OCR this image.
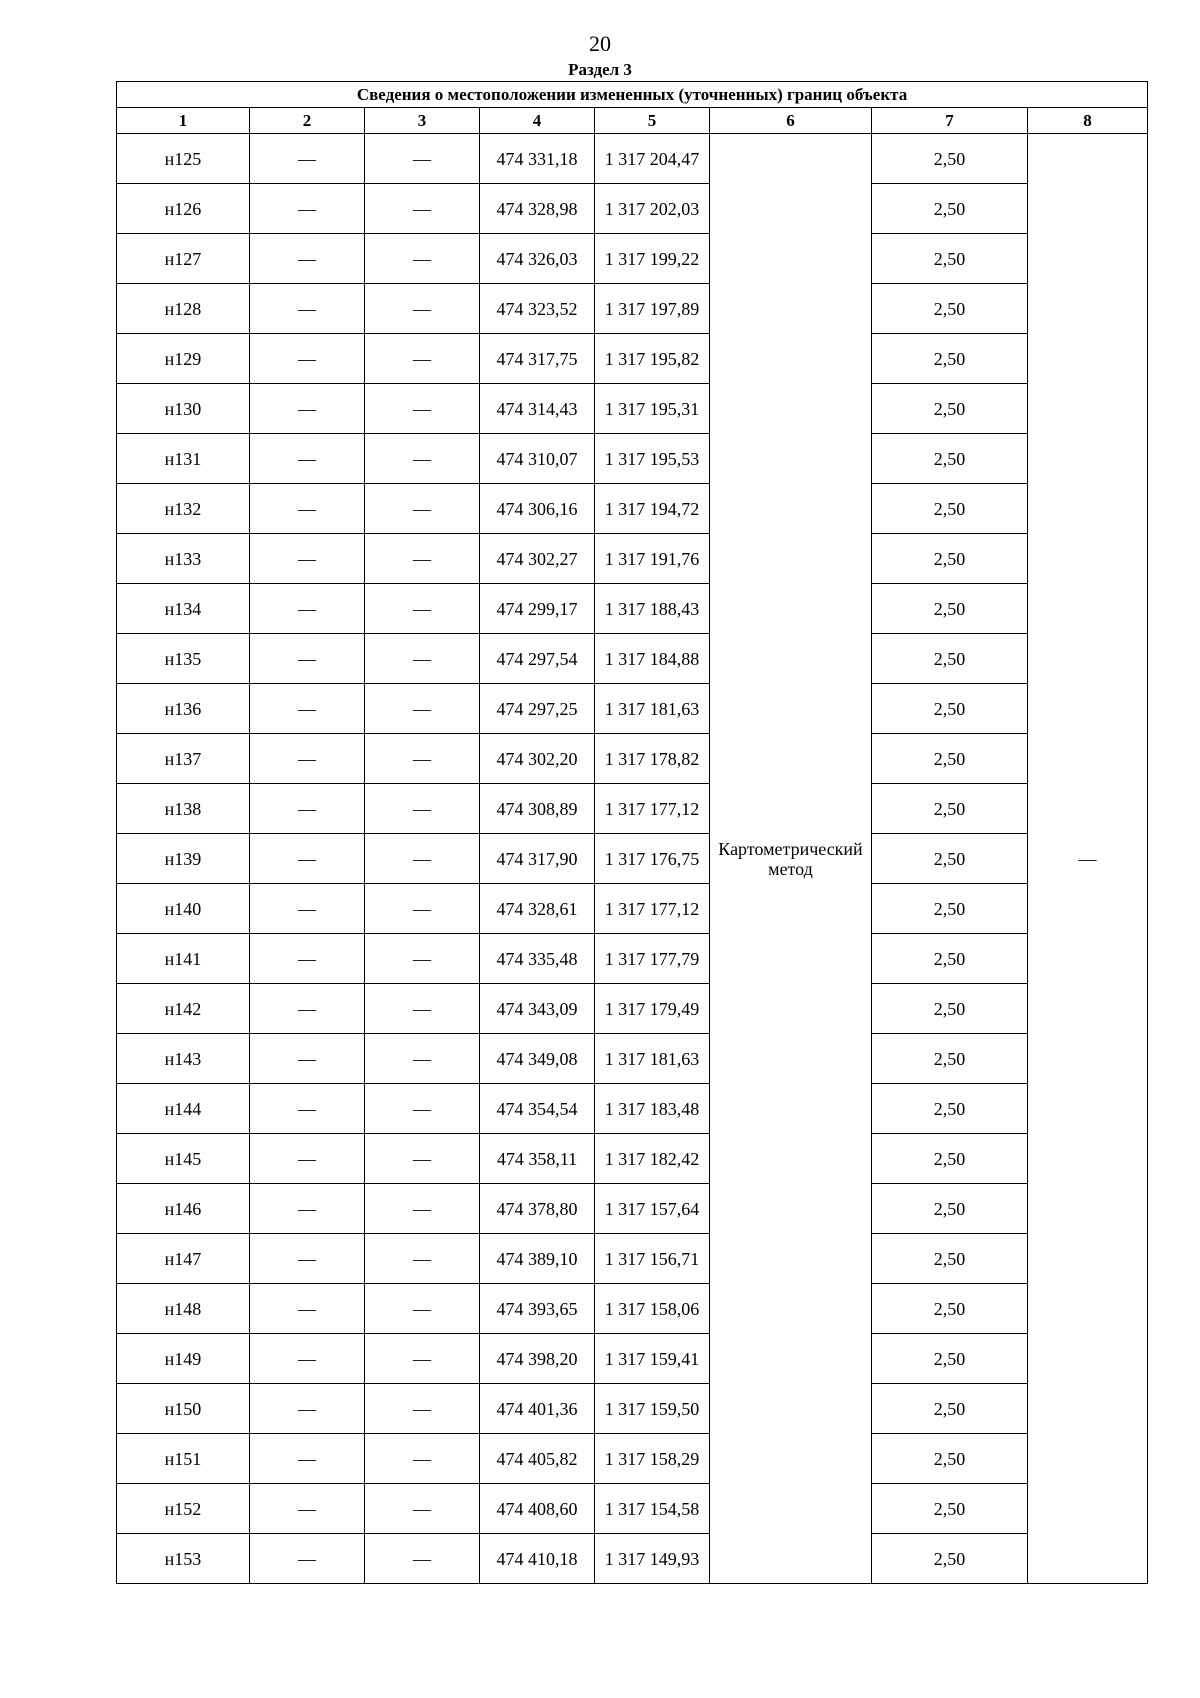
20
Раздел 3
Сведения о местоположении измененных (уточненных) границ объекта							
1	2	3	4	5	6	7	8
н125	—	—	474 331,18	1 317 204,47	Картометрический метод	2,50	—
н126	—	—	474 328,98	1 317 202,03		2,50	
н127	—	—	474 326,03	1 317 199,22		2,50	
н128	—	—	474 323,52	1 317 197,89		2,50	
н129	—	—	474 317,75	1 317 195,82		2,50	
н130	—	—	474 314,43	1 317 195,31		2,50	
н131	—	—	474 310,07	1 317 195,53		2,50	
н132	—	—	474 306,16	1 317 194,72		2,50	
н133	—	—	474 302,27	1 317 191,76		2,50	
н134	—	—	474 299,17	1 317 188,43		2,50	
н135	—	—	474 297,54	1 317 184,88		2,50	
н136	—	—	474 297,25	1 317 181,63		2,50	
н137	—	—	474 302,20	1 317 178,82		2,50	
н138	—	—	474 308,89	1 317 177,12		2,50	
н139	—	—	474 317,90	1 317 176,75		2,50	
н140	—	—	474 328,61	1 317 177,12		2,50	
н141	—	—	474 335,48	1 317 177,79		2,50	
н142	—	—	474 343,09	1 317 179,49		2,50	
н143	—	—	474 349,08	1 317 181,63		2,50	
н144	—	—	474 354,54	1 317 183,48		2,50	
н145	—	—	474 358,11	1 317 182,42		2,50	
н146	—	—	474 378,80	1 317 157,64		2,50	
н147	—	—	474 389,10	1 317 156,71		2,50	
н148	—	—	474 393,65	1 317 158,06		2,50	
н149	—	—	474 398,20	1 317 159,41		2,50	
н150	—	—	474 401,36	1 317 159,50		2,50	
н151	—	—	474 405,82	1 317 158,29		2,50	
н152	—	—	474 408,60	1 317 154,58		2,50	
н153	—	—	474 410,18	1 317 149,93		2,50	
